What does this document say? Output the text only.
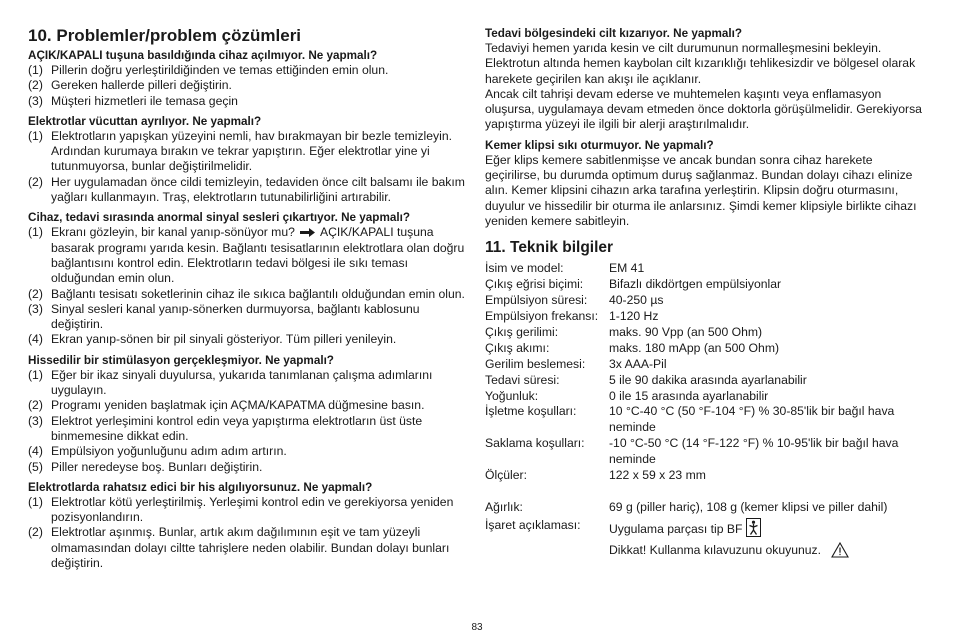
10. Problemler/problem çözümleri

AÇIK/KAPALI tuşuna basıldığında cihaz açılmıyor. Ne yapmalı?

(1) Pillerin doğru yerleştirildiğinden ve temas ettiğinden emin olun.
(2) Gereken hallerde pilleri değiştirin.
(3) Müşteri hizmetleri ile temasa geçin

Elektrotlar vücuttan ayrılıyor. Ne yapmalı?

(1) Elektrotların yapışkan yüzeyini nemli, hav bırakmayan bir bezle temizleyin. Ardından kurumaya bırakın ve tekrar yapıştırın. Eğer elektrotlar yine yi tutunmuyorsa, bunlar değiştirilmelidir.
(2) Her uygulamadan önce cildi temizleyin, tedaviden önce cilt balsamı ile bakım yağları kullanmayın. Traş, elektrotların tutunabilirliğini artırabilir.

Cihaz, tedavi sırasında anormal sinyal sesleri çıkartıyor. Ne yapmalı?

(1) Ekranı gözleyin, bir kanal yanıp-sönüyor mu? AÇIK/KAPALI tuşuna basarak programı yarıda kesin. Bağlantı tesisatlarının elektrotlara olan doğru bağlantısını kontrol edin. Elektrotların tedavi bölgesi ile sıkı teması olduğundan emin olun.
(2) Bağlantı tesisatı soketlerinin cihaz ile sıkıca bağlantılı olduğundan emin olun.
(3) Sinyal sesleri kanal yanıp-sönerken durmuyorsa, bağlantı kablosunu değiştirin.
(4) Ekran yanıp-sönen bir pil sinyali gösteriyor. Tüm pilleri yenileyin.

Hissedilir bir stimülasyon gerçekleşmiyor. Ne yapmalı?

(1) Eğer bir ikaz sinyali duyulursa, yukarıda tanımlanan çalışma adımlarını uygulayın.
(2) Programı yeniden başlatmak için AÇMA/KAPATMA düğmesine basın.
(3) Elektrot yerleşimini kontrol edin veya yapıştırma elektrotların üst üste binmemesine dikkat edin.
(4) Empülsiyon yoğunluğunu adım adım artırın.
(5) Piller neredeyse boş. Bunları değiştirin.

Elektrotlarda rahatsız edici bir his algılıyorsunuz. Ne yapmalı?

(1) Elektrotlar kötü yerleştirilmiş. Yerleşimi kontrol edin ve gerekiyorsa yeniden pozisyonlandırın.
(2) Elektrotlar aşınmış. Bunlar, artık akım dağılımının eşit ve tam yüzeyli olmamasından dolayı ciltte tahrişlere neden olabilir. Bundan dolayı bunları değiştirin.

Tedavi bölgesindeki cilt kızarıyor. Ne yapmalı?

Tedaviyi hemen yarıda kesin ve cilt durumunun normalleşmesini bekleyin. Elektrotun altında hemen kaybolan cilt kızarıklığı tehlikesizdir ve bölgesel olarak harekete geçirilen kan akışı ile açıklanır.

Ancak cilt tahrişi devam ederse ve muhtemelen kaşıntı veya enflamasyon oluşursa, uygulamaya devam etmeden önce doktorla görüşülmelidir. Gerekiyorsa yapıştırma yüzeyi ile ilgili bir alerji araştırılmalıdır.

Kemer klipsi sıkı oturmuyor. Ne yapmalı?

Eğer klips kemere sabitlenmişse ve ancak bundan sonra cihaz harekete geçirilirse, bu durumda optimum duruş sağlanmaz. Bundan dolayı cihazı elinize alın. Kemer klipsini cihazın arka tarafına yerleştirin. Klipsin doğru oturmasını, duyulur ve hissedilir bir oturma ile anlarsınız. Şimdi kemer klipsiyle birlikte cihazı yeniden kemere sabitleyin.

11. Teknik bilgiler
İsim ve model:	EM 41
Çıkış eğrisi biçimi:	Bifazlı dikdörtgen empülsiyonlar
Empülsiyon süresi:	40-250 µs
Empülsiyon frekansı: 1-120 Hz
Çıkış gerilimi:	maks. 90 Vpp (an 500 Ohm)
Çıkış akımı:	maks. 180 mApp (an 500 Ohm)
Gerilim beslemesi:	3x AAA-Pil
Tedavi süresi:	5 ile 90 dakika arasında ayarlanabilir
Yoğunluk:	0 ile 15 arasında ayarlanabilir
İşletme koşulları:	10 °C-40 °C (50 °F-104 °F) % 30-85'lik bir bağıl hava neminde
Saklama koşulları:	-10 °C-50 °C (14 °F-122 °F) % 10-95'lik bir bağıl hava neminde
Ölçüler:	122 x 59 x 23 mm
Ağırlık:	69 g (piller hariç), 108 g (kemer klipsi ve piller dahil)
İşaret açıklaması:	Uygulama parçası tip BF
Dikkat! Kullanma kılavuzunu okuyunuz.
83
